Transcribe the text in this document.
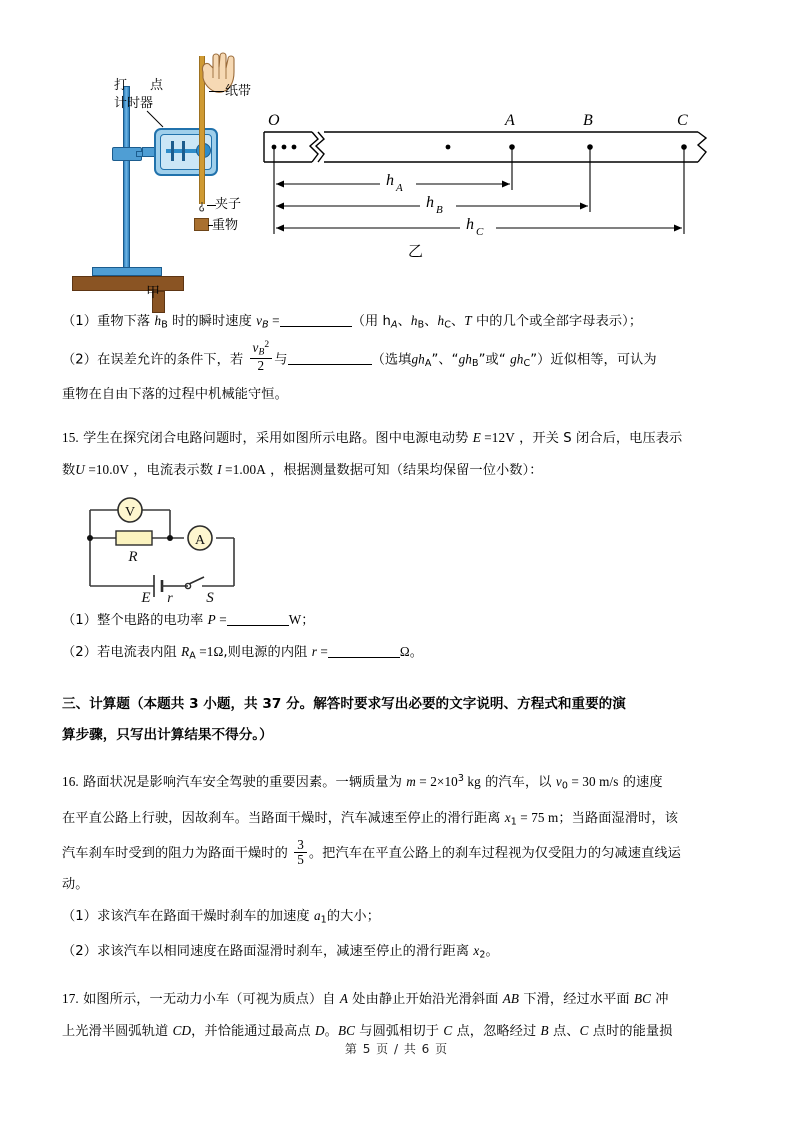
打 点
计时器
纸带
夹子
重物
甲
O	A	B	C
h A
h B
h C
乙

（1）重物下落 $h_B$ 时的瞬时速度 $v_B$ =	（用 $h_A$、$h_B$、$h_C$、T 中的几个或全部字母表示）；

（2）在误差允许的条件下，若 $\frac{v_B^2}{2}$ 与	（选填$gh_A$”、“$gh_B$”或“ $gh_C$”）近似相等，可认为

重物在自由下落的过程中机械能守恒。

15. 学生在探究闭合电路问题时，采用如图所示电路。图中电源电动势 E =12V ，开关 S 闭合后，电压表示
数U =10.0V ，电流表示数 I =1.00A ，根据测量数据可知（结果均保留一位小数）：

V
R
A
E r S

（1）整个电路的电功率 P =	W；

（2）若电流表内阻 $R_A =1\Omega$,则电源的内阻 r =	Ω。

三、计算题（本题共 3 小题，共 37 分。解答时要求写出必要的文字说明、方程式和重要的演

算步骤，只写出计算结果不得分。）

16. 路面状况是影响汽车安全驾驶的重要因素。一辆质量为 $m = 2\times 10^3$ kg 的汽车，以 $v_0 = 30$ m/s 的速度
在平直公路上行驶，因故刹车。当路面干燥时，汽车减速至停止的滑行距离 $x_1 = 75$ m；当路面湿滑时，该
汽车刹车时受到的阻力为路面干燥时的 $\frac{3}{5}$ 。把汽车在平直公路上的刹车过程视为仅受阻力的匀减速直线运

动。

（1）求该汽车在路面干燥时刹车的加速度 $a_1$的大小；

（2）求该汽车以相同速度在路面湿滑时刹车，减速至停止的滑行距离 $x_2$。

17. 如图所示，一无动力小车（可视为质点）自 A 处由静止开始沿光滑斜面 AB 下滑，经过水平面 BC 冲
上光滑半圆弧轨道 CD，并恰能通过最高点 D。BC 与圆弧相切于 C 点，忽略经过 B 点、C 点时的能量损

第 5 页 / 共 6 页
